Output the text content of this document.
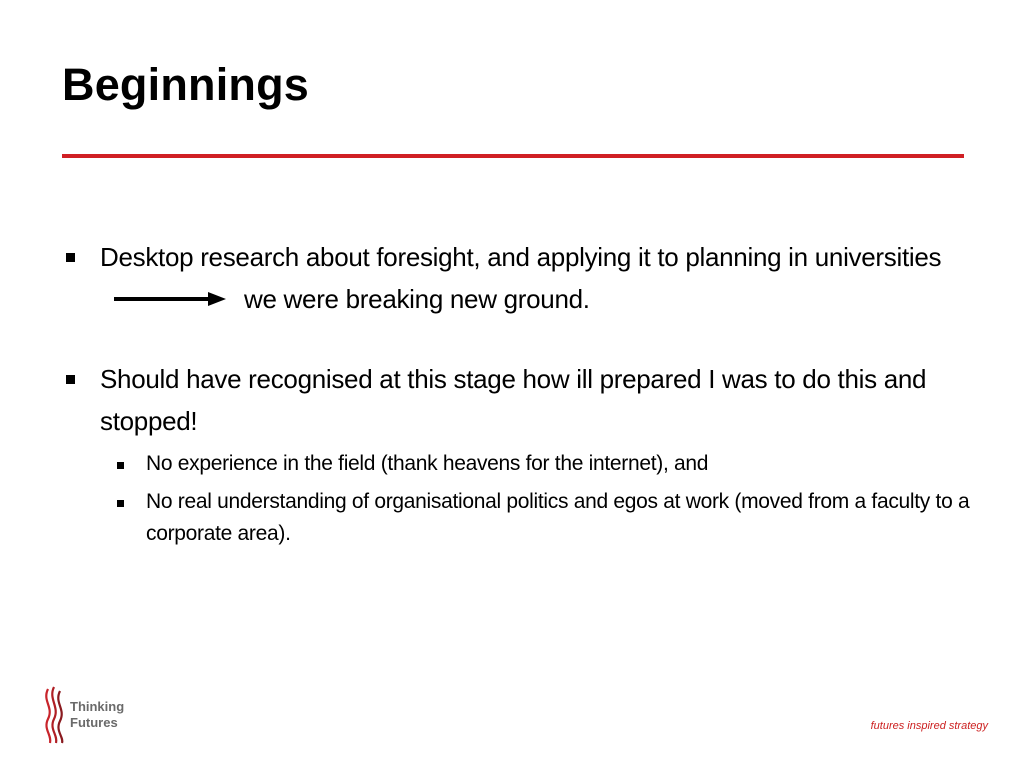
Beginnings
Desktop research about foresight, and applying it to planning in universitieswe were breaking new ground.
Should have recognised at this stage how ill prepared I was to do this and stopped!
No experience in the field (thank heavens for the internet), and
No real understanding of organisational politics and egos at work (moved from a faculty to a corporate area).
Thinking
Futures	futures inspired strategy
